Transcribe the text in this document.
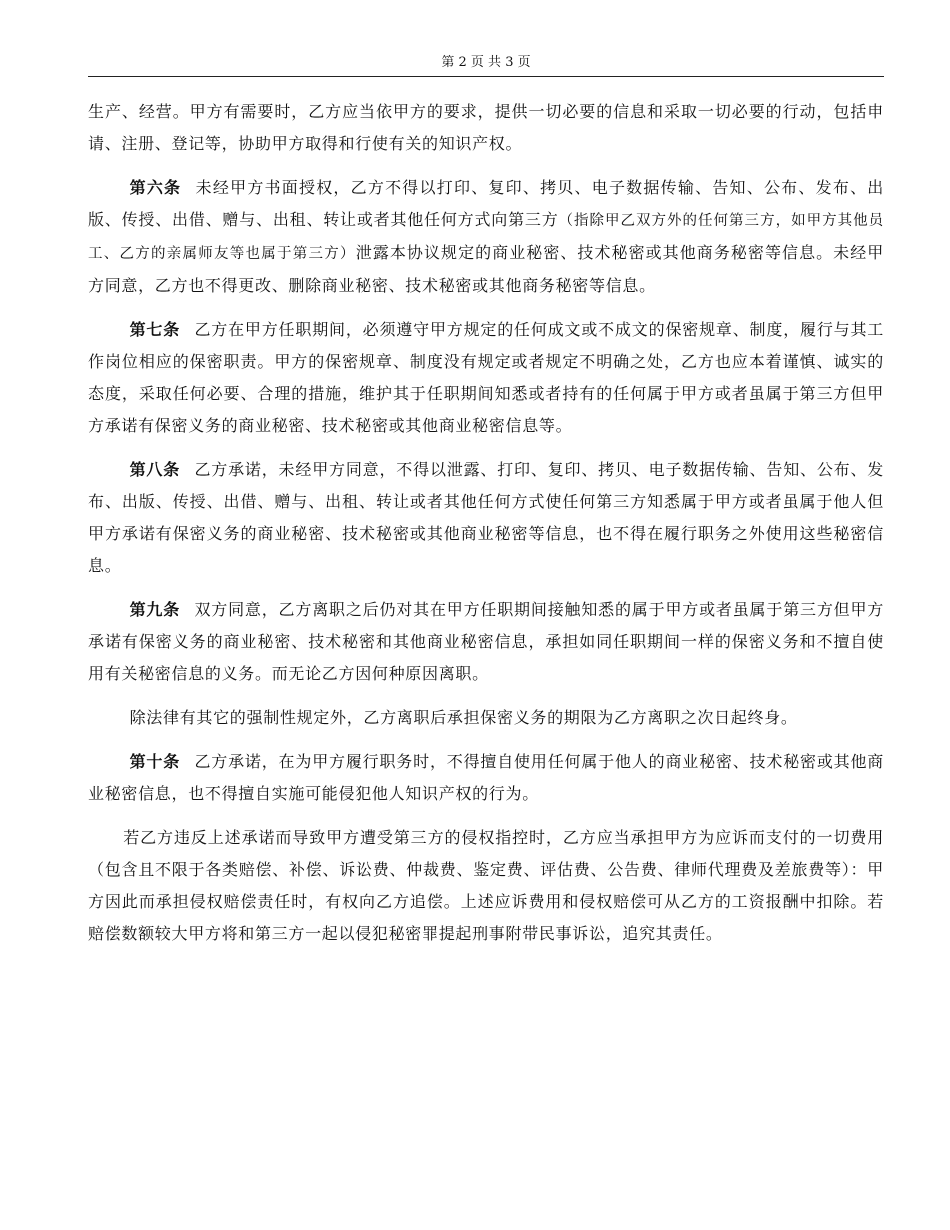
第 2 页 共 3 页

生产、经营。甲方有需要时，乙方应当依甲方的要求，提供一切必要的信息和采取一切必要的行动，包括申请、注册、登记等，协助甲方取得和行使有关的知识产权。

第六条 未经甲方书面授权，乙方不得以打印、复印、拷贝、电子数据传输、告知、公布、发布、出版、传授、出借、赠与、出租、转让或者其他任何方式向第三方（指除甲乙双方外的任何第三方，如甲方其他员工、乙方的亲属师友等也属于第三方）泄露本协议规定的商业秘密、技术秘密或其他商务秘密等信息。未经甲方同意，乙方也不得更改、删除商业秘密、技术秘密或其他商务秘密等信息。

第七条 乙方在甲方任职期间，必须遵守甲方规定的任何成文或不成文的保密规章、制度，履行与其工作岗位相应的保密职责。甲方的保密规章、制度没有规定或者规定不明确之处，乙方也应本着谨慎、诚实的态度，采取任何必要、合理的措施，维护其于任职期间知悉或者持有的任何属于甲方或者虽属于第三方但甲方承诺有保密义务的商业秘密、技术秘密或其他商业秘密信息等。

第八条 乙方承诺，未经甲方同意，不得以泄露、打印、复印、拷贝、电子数据传输、告知、公布、发布、出版、传授、出借、赠与、出租、转让或者其他任何方式使任何第三方知悉属于甲方或者虽属于他人但甲方承诺有保密义务的商业秘密、技术秘密或其他商业秘密等信息，也不得在履行职务之外使用这些秘密信息。

第九条 双方同意，乙方离职之后仍对其在甲方任职期间接触知悉的属于甲方或者虽属于第三方但甲方承诺有保密义务的商业秘密、技术秘密和其他商业秘密信息，承担如同任职期间一样的保密义务和不擅自使用有关秘密信息的义务。而无论乙方因何种原因离职。

除法律有其它的强制性规定外，乙方离职后承担保密义务的期限为乙方离职之次日起终身。

第十条 乙方承诺，在为甲方履行职务时，不得擅自使用任何属于他人的商业秘密、技术秘密或其他商业秘密信息，也不得擅自实施可能侵犯他人知识产权的行为。

若乙方违反上述承诺而导致甲方遭受第三方的侵权指控时，乙方应当承担甲方为应诉而支付的一切费用（包含且不限于各类赔偿、补偿、诉讼费、仲裁费、鉴定费、评估费、公告费、律师代理费及差旅费等）：甲方因此而承担侵权赔偿责任时，有权向乙方追偿。上述应诉费用和侵权赔偿可从乙方的工资报酬中扣除。若赔偿数额较大甲方将和第三方一起以侵犯秘密罪提起刑事附带民事诉讼，追究其责任。
